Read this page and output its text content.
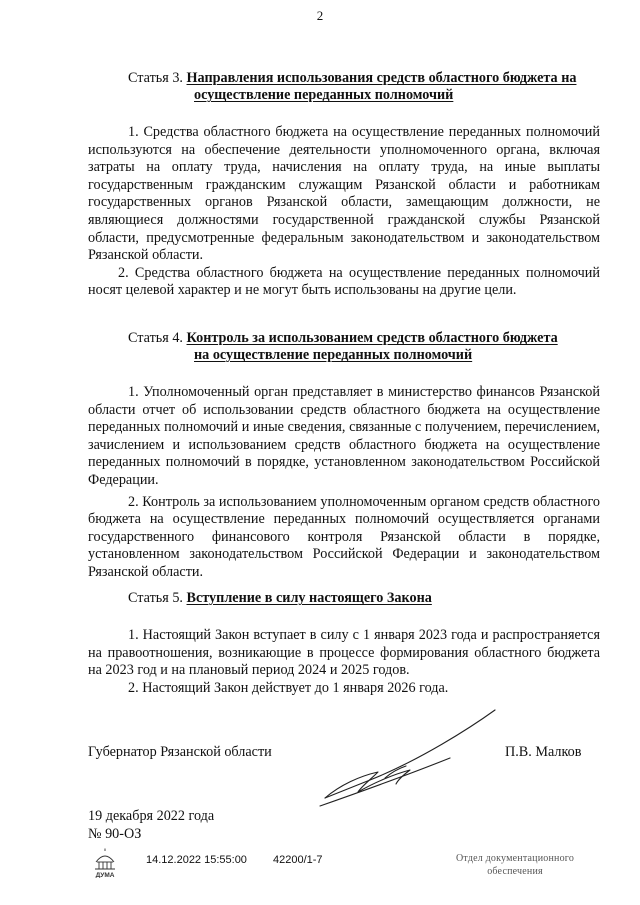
2
Статья 3. Направления использования средств областного бюджета на
осуществление переданных полномочий

1. Средства областного бюджета на осуществление переданных полномочий используются на обеспечение деятельности уполномоченного органа, включая затраты на оплату труда, начисления на оплату труда, на иные выплаты государственным гражданским служащим Рязанской области и работникам государственных органов Рязанской области, замещающим должности, не являющиеся должностями государственной гражданской службы Рязанской области, предусмотренные федеральным законодательством и законодательством Рязанской области.

2. Средства областного бюджета на осуществление переданных полномочий носят целевой характер и не могут быть использованы на другие цели.

Статья 4. Контроль за использованием средств областного бюджета
на осуществление переданных полномочий

1. Уполномоченный орган представляет в министерство финансов Рязанской области отчет об использовании средств областного бюджета на осуществление переданных полномочий и иные сведения, связанные с получением, перечислением, зачислением и использованием средств областного бюджета на осуществление переданных полномочий в порядке, установленном законодательством Российской Федерации.

2. Контроль за использованием уполномоченным органом средств областного бюджета на осуществление переданных полномочий осуществляется органами государственного финансового контроля Рязанской области в порядке, установленном законодательством Российской Федерации и законодательством Рязанской области.

Статья 5. Вступление в силу настоящего Закона

1. Настоящий Закон вступает в силу с 1 января 2023 года и распространяется на правоотношения, возникающие в процессе формирования областного бюджета на 2023 год и на плановый период 2024 и 2025 годов.

2. Настоящий Закон действует до 1 января 2026 года.

Губернатор Рязанской области	П.В. Малков
19 декабря 2022 года
№ 90-ОЗ
ДУМА
14.12.2022 15:55:00 42200/1-7	Отдел документационного
обеспечения
